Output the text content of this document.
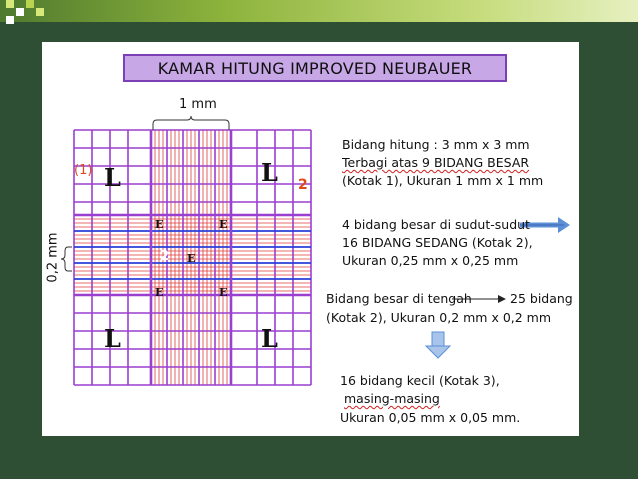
KAMAR HITUNG IMPROVED NEUBAUER
1 mm
0,2 mm
(1)
2
2
L	L
L	L
E	E
E
E	E
Bidang hitung : 3 mm x 3 mm
Terbagi atas 9 BIDANG BESAR
(Kotak 1), Ukuran 1 mm x 1 mm
4 bidang besar di sudut-sudut
16 BIDANG SEDANG (Kotak 2),
Ukuran 0,25 mm x 0,25 mm
Bidang besar di tengah	25 bidang
(Kotak 2), Ukuran 0,2 mm x 0,2 mm
16 bidang kecil (Kotak 3),
masing-masing
Ukuran 0,05 mm x 0,05 mm.
